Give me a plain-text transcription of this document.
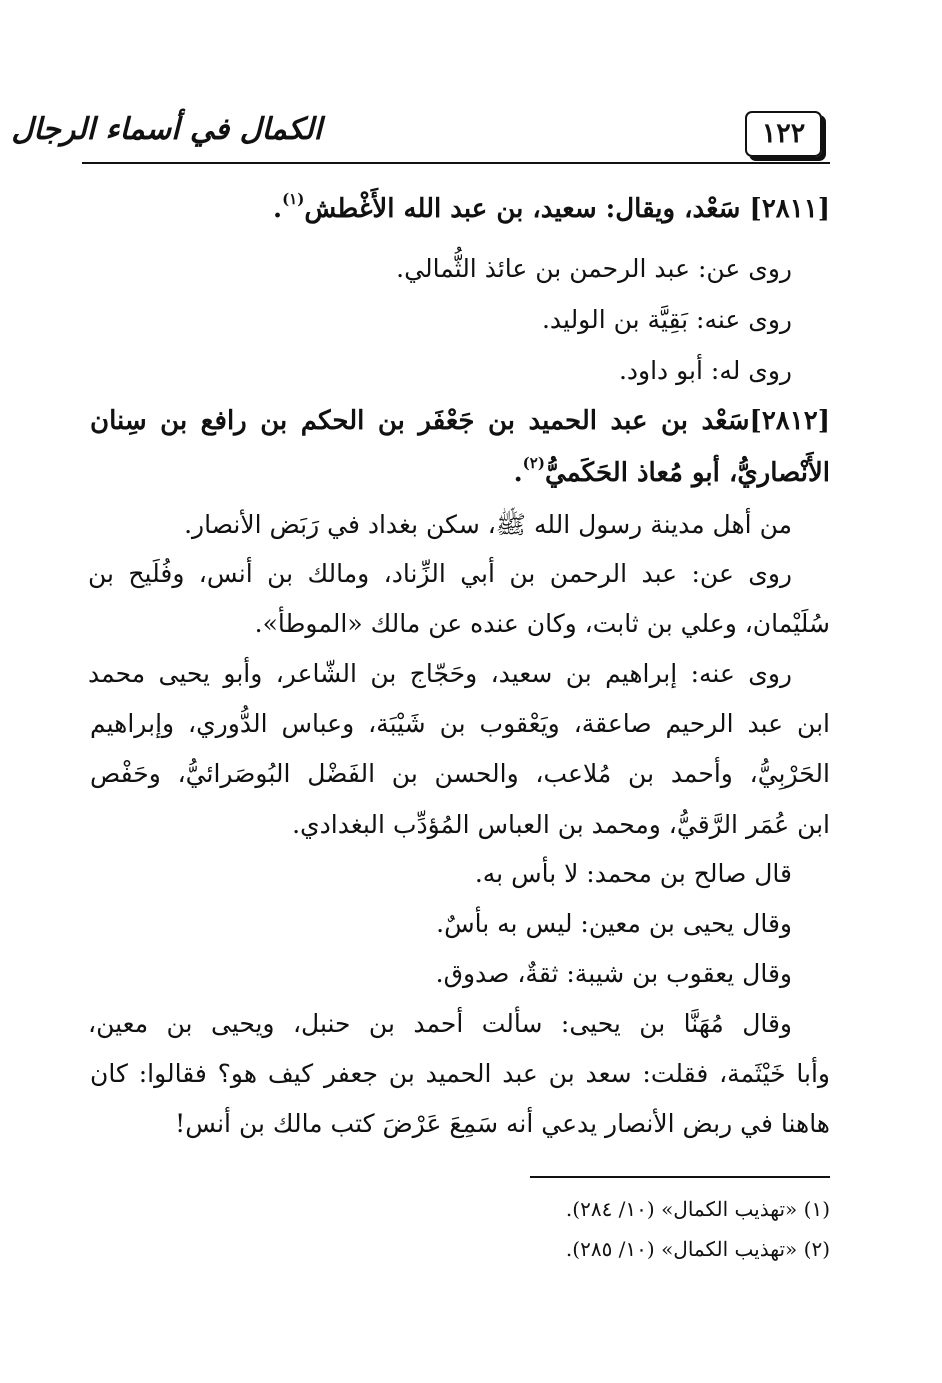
الكمال في أسماء الرجال	١٢٢
[٢٨١١] سَعْد، ويقال: سعيد، بن عبد الله الأَغْطش$^{(١)}$.
روى عن: عبد الرحمن بن عائذ الثُّمالي.
روى عنه: بَقِيَّة بن الوليد.
روى له: أبو داود.
[٢٨١٢]سَعْد بن عبد الحميد بن جَعْفَر بن الحكم بن رافع بن سِنان
الأَنْصاريُّ، أبو مُعاذ الحَكَميُّ$^{(٢)}$.
من أهل مدينة رسول الله ﷺ، سكن بغداد في رَبَض الأنصار.
روى عن: عبد الرحمن بن أبي الزِّناد، ومالك بن أنس، وفُلَيح بن
سُلَيْمان، وعلي بن ثابت، وكان عنده عن مالك «الموطأ».
روى عنه: إبراهيم بن سعيد، وحَجّاج بن الشّاعر، وأبو يحيى محمد
ابن عبد الرحيم صاعقة، ويَعْقوب بن شَيْبَة، وعباس الدُّوري، وإبراهيم
الحَرْبِيُّ، وأحمد بن مُلاعب، والحسن بن الفَضْل البُوصَرائيُّ، وحَفْص
ابن عُمَر الرَّقيُّ، ومحمد بن العباس المُؤدِّب البغدادي.
قال صالح بن محمد: لا بأس به.
وقال يحيى بن معين: ليس به بأسٌ.
وقال يعقوب بن شيبة: ثقةٌ، صدوق.
وقال مُهَنَّا بن يحيى: سألت أحمد بن حنبل، ويحيى بن معين،
وأبا خَيْثَمة، فقلت: سعد بن عبد الحميد بن جعفر كيف هو؟ فقالوا: كان
هاهنا في ربض الأنصار يدعي أنه سَمِعَ عَرْضَ كتب مالك بن أنس!
(١) «تهذيب الكمال» (١٠/ ٢٨٤).
(٢) «تهذيب الكمال» (١٠/ ٢٨٥).
